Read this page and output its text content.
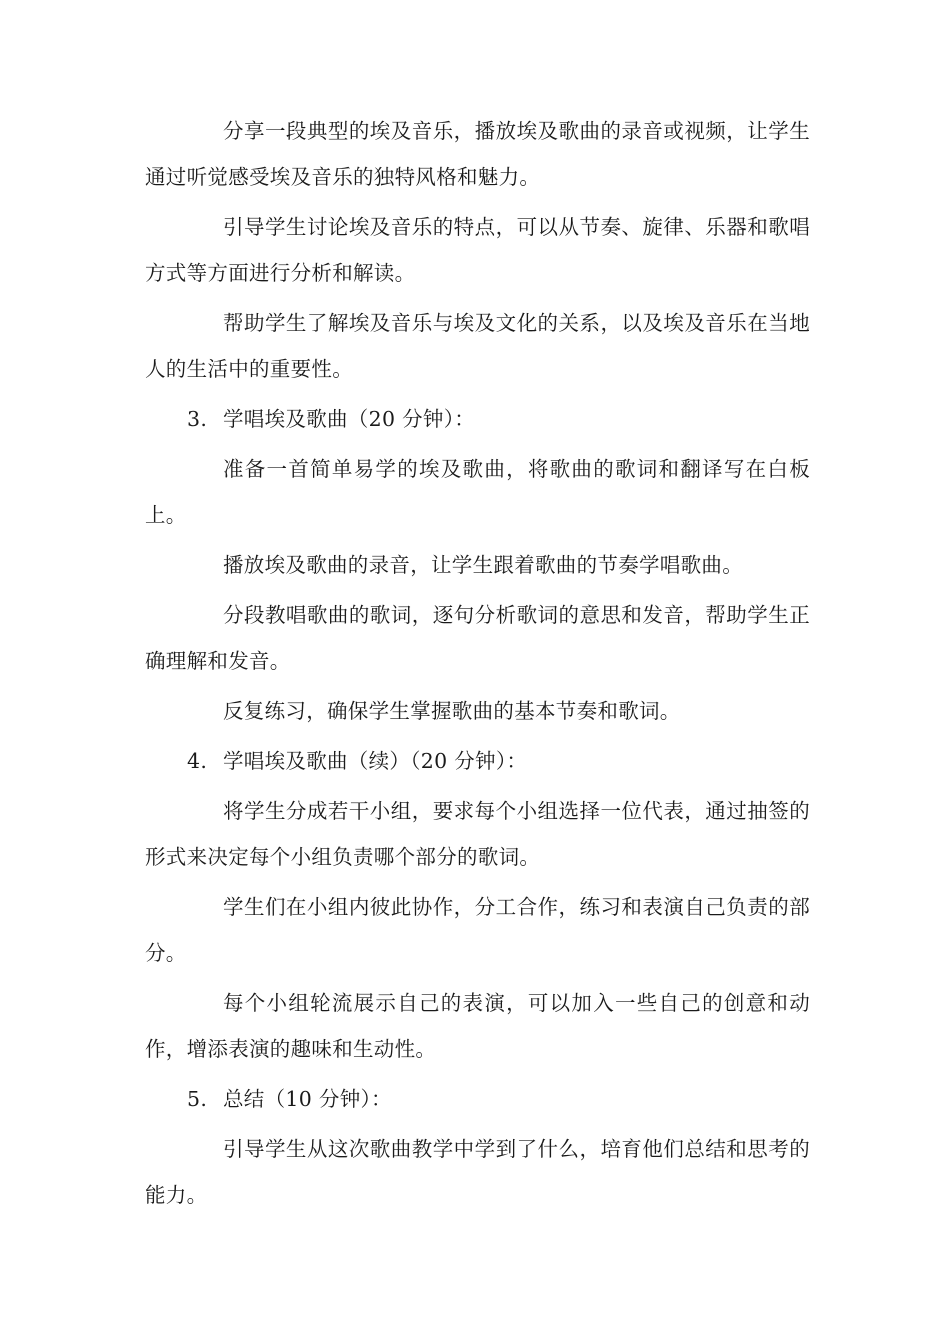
分享一段典型的埃及音乐，播放埃及歌曲的录音或视频，让学生通过听觉感受埃及音乐的独特风格和魅力。

引导学生讨论埃及音乐的特点，可以从节奏、旋律、乐器和歌唱方式等方面进行分析和解读。

帮助学生了解埃及音乐与埃及文化的关系，以及埃及音乐在当地人的生活中的重要性。

3. 学唱埃及歌曲（20 分钟）：

准备一首简单易学的埃及歌曲，将歌曲的歌词和翻译写在白板上。

播放埃及歌曲的录音，让学生跟着歌曲的节奏学唱歌曲。

分段教唱歌曲的歌词，逐句分析歌词的意思和发音，帮助学生正确理解和发音。

反复练习，确保学生掌握歌曲的基本节奏和歌词。

4. 学唱埃及歌曲（续）（20 分钟）：

将学生分成若干小组，要求每个小组选择一位代表，通过抽签的形式来决定每个小组负责哪个部分的歌词。

学生们在小组内彼此协作，分工合作，练习和表演自己负责的部分。

每个小组轮流展示自己的表演，可以加入一些自己的创意和动作，增添表演的趣味和生动性。

5. 总结（10 分钟）：

引导学生从这次歌曲教学中学到了什么，培育他们总结和思考的能力。
